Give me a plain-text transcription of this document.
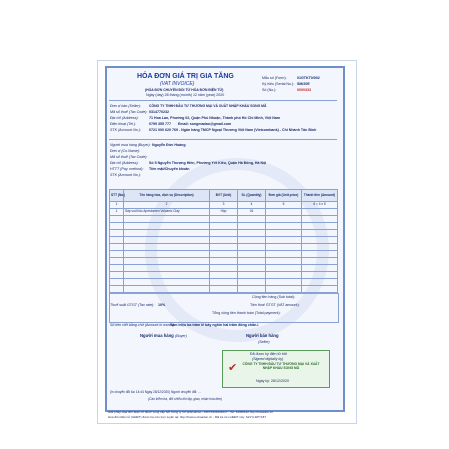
HÓA ĐƠN GIÁ TRỊ GIA TĂNG
(VAT INVOICE)
(HÓA ĐƠN CHUYỂN ĐỔI TỪ HÓA ĐƠN ĐIỆN TỬ)
Ngày (day) 28 tháng (month) 12 năm (year) 2020
Mẫu số (Form):	01GTKT0/002
Ký hiệu (Serial No.): SM/20E
Số (No.):	0000333
Đơn vị bán (Seller): CÔNG TY TNHH ĐẦU TƯ THƯƠNG MẠI VÀ XUẤT NHẬP KHẨU SONG MÃ
Mã số thuế (Tax Code): 0314770232
Địa chỉ (Address):	71 Hoa Lan, Phường 02, Quận Phú Nhuận, Thành phố Hồ Chí Minh, Việt Nam
Điện thoại (Tel.):	0799 355 777 Email: songmadao@gmail.com
STK (Account No.): 0721 000 620 769 - Ngân hàng TMCP Ngoại Thương Việt Nam (Vietcombank) - Chi Nhánh Tân Bình
Người mua hàng (Buyer): Nguyễn Đức Hoàng
Đơn vị (Co.Name):
Mã số thuế (Tax Code):
Địa chỉ (Address):	Số 5 Nguyễn Thượng Hiền, Phường Yết Kiêu, Quận Hà Đông, Hà Nội
HTTT (Pay. method): Tiền mặt/Chuyển khoản
STK (Account No.):
STT (No.)	Tên hàng hóa, dịch vụ (Description)	ĐVT (Unit)	SL (Quantity)	Đơn giá (Unit price)	Thành tiền (Amount)
1	2	3	4	5	6 = 4 x 5
1	Sáp vuốt tóc Apestomen Volcanic Clay	Hộp	04		

Cộng tiền hàng (Sub total):
Thuế suất GTGT (Tax rate): 10%	Tiền thuế GTGT (VAT amount):
Tổng cộng tiền thanh toán (Total payment):
Số tiền viết bằng chữ (Amount in words):
Tám triệu ba trăm lẻ bảy nghìn hai trăm đồng chẵn./.
Người mua hàng (Buyer)	Người bán hàng
(Seller)
✔
Đã được ký điện tử bởi
(Signed digitally by)
CÔNG TY TNHH ĐẦU TƯ THƯƠNG MẠI VÀ XUẤT NHẬP KHẨU SONG MÃ
Ngày ký: 28/12/2020
(In chuyển đổi lúc 14:44 Ngày 28/12/2020) Người chuyển đổi: ...
(Cần kiểm tra, đối chiếu khi lập, giao, nhận hóa đơn)
Giải pháp Hóa đơn Điện tử được cung cấp bởi Công ty Cổ phần Ehoo - MST:0101001017 - Tel: 19006142 http://ehoadon.vn
Hóa đơn Điện tử (HĐĐT) được tra cứu trực tuyến tại: http://tracuu.ehoadon.vn - Mã tra cứu HĐĐT này: S21YLDPY187
